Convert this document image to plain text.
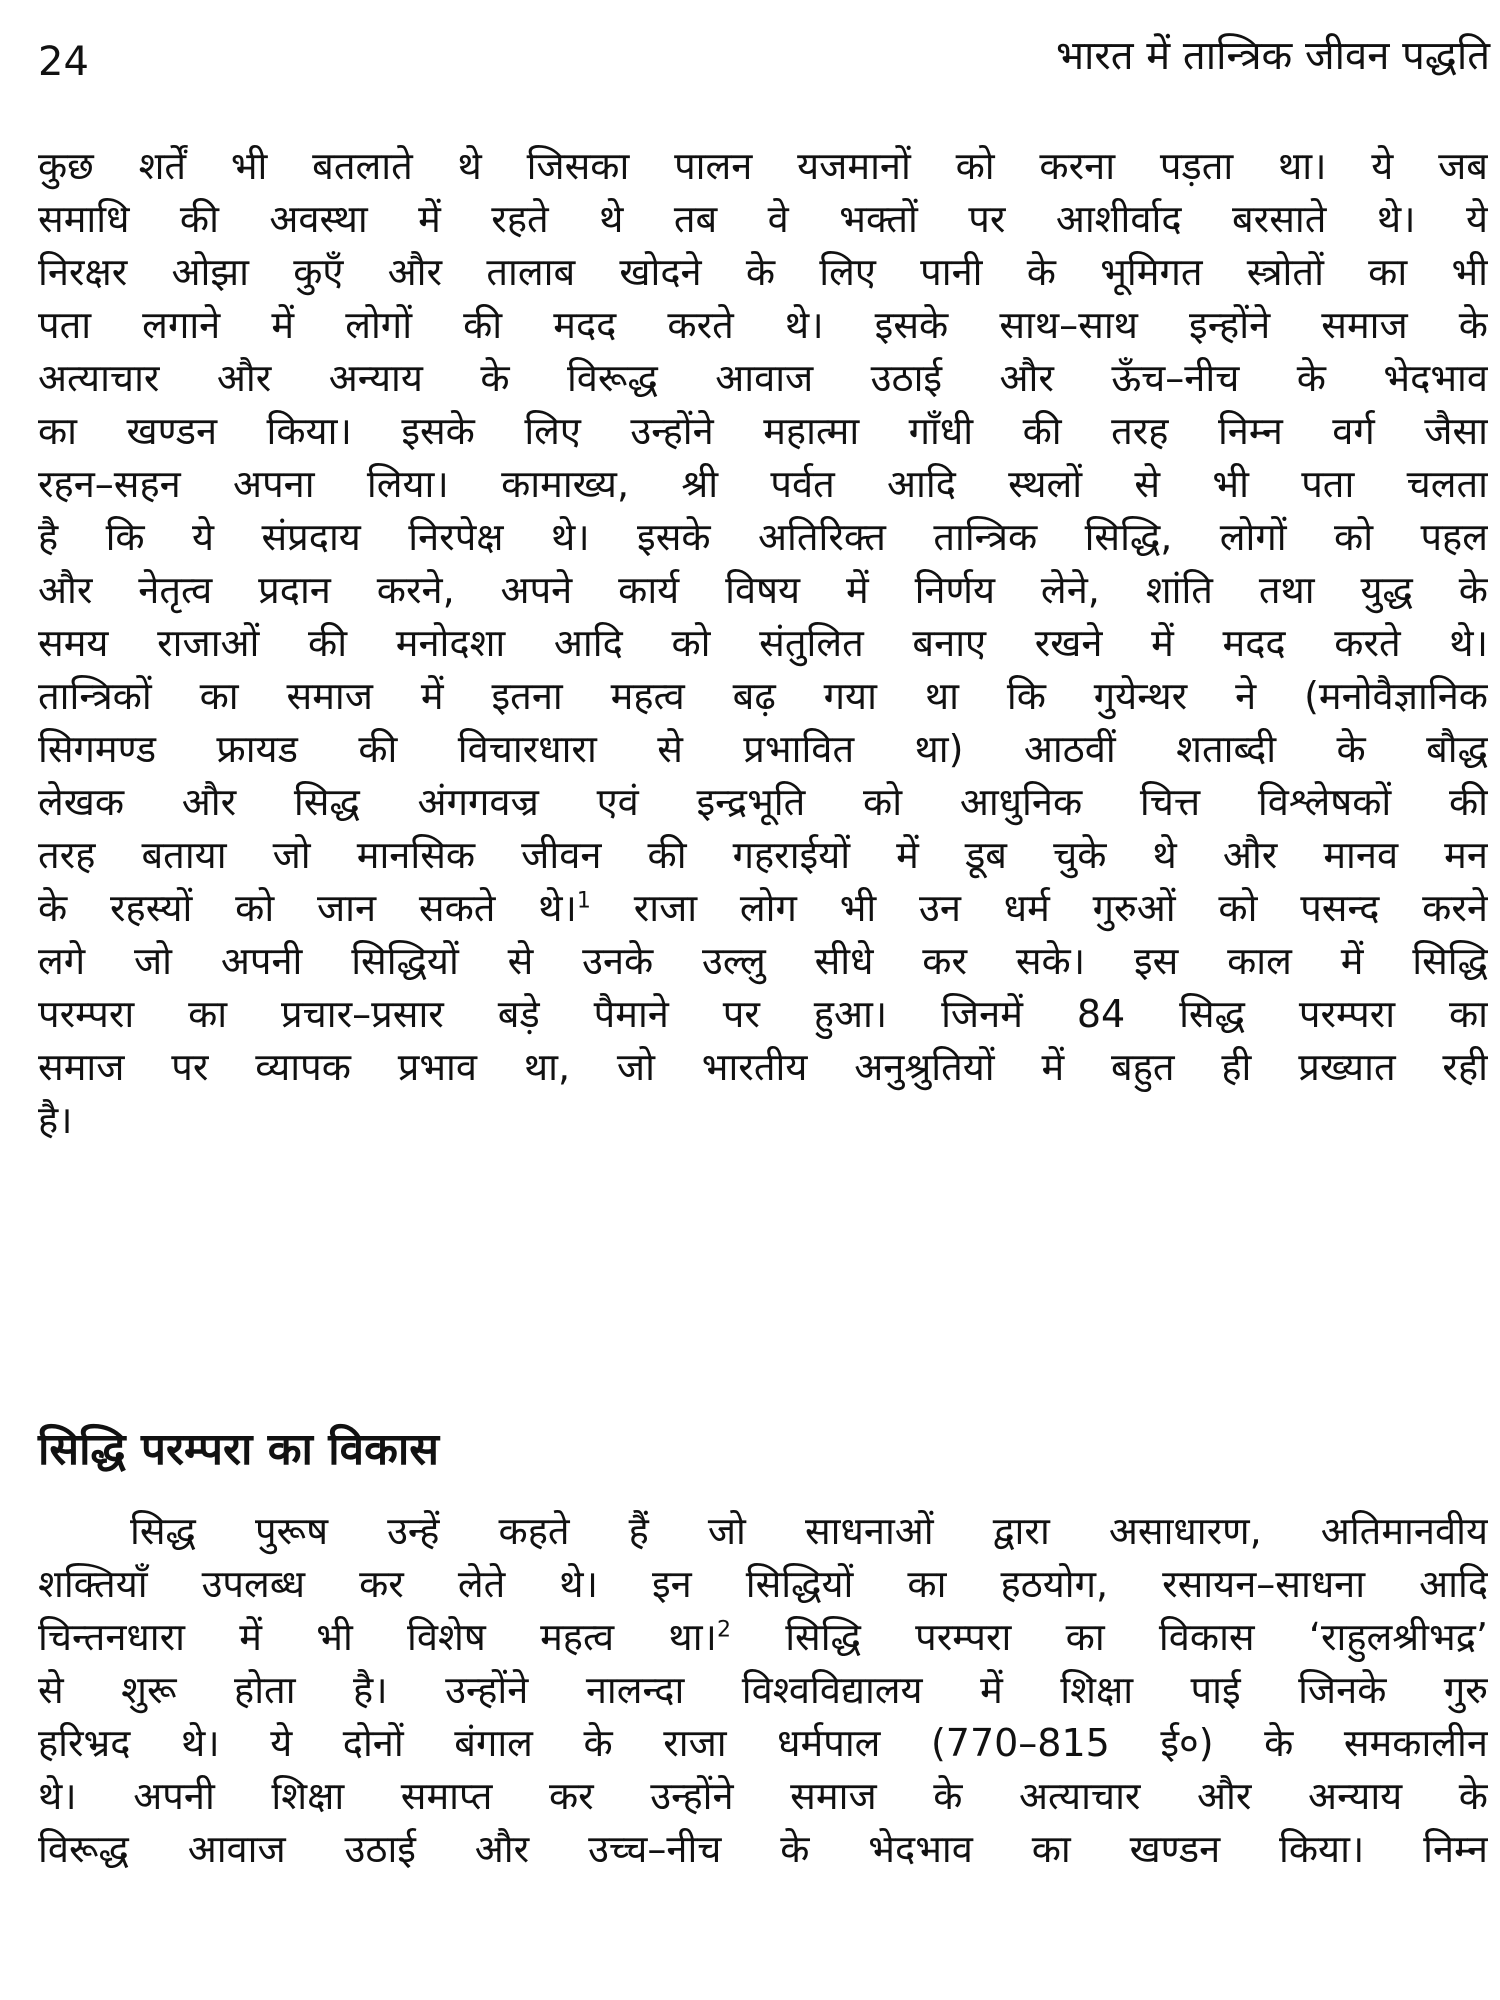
24	भारत में तान्त्रिक जीवन पद्धति
कुछ शर्तें भी बतलाते थे जिसका पालन यजमानों को करना पड़ता था। ये जब
समाधि की अवस्था में रहते थे तब वे भक्तों पर आशीर्वाद बरसाते थे। ये
निरक्षर ओझा कुएँ और तालाब खोदने के लिए पानी के भूमिगत स्त्रोतों का भी
पता लगाने में लोगों की मदद करते थे। इसके साथ–साथ इन्होंने समाज के
अत्याचार और अन्याय के विरूद्ध आवाज उठाई और ऊँच–नीच के भेदभाव
का खण्डन किया। इसके लिए उन्होंने महात्मा गाँधी की तरह निम्न वर्ग जैसा
रहन–सहन अपना लिया। कामाख्य, श्री पर्वत आदि स्थलों से भी पता चलता
है कि ये संप्रदाय निरपेक्ष थे। इसके अतिरिक्त तान्त्रिक सिद्धि, लोगों को पहल
और नेतृत्व प्रदान करने, अपने कार्य विषय में निर्णय लेने, शांति तथा युद्ध के
समय राजाओं की मनोदशा आदि को संतुलित बनाए रखने में मदद करते थे।
तान्त्रिकों का समाज में इतना महत्व बढ़ गया था कि गुयेन्थर ने (मनोवैज्ञानिक
सिगमण्ड फ्रायड की विचारधारा से प्रभावित था) आठवीं शताब्दी के बौद्ध
लेखक और सिद्ध अंगगवज्र एवं इन्द्रभूति को आधुनिक चित्त विश्लेषकों की
तरह बताया जो मानसिक जीवन की गहराईयों में डूब चुके थे और मानव मन
के रहस्यों को जान सकते थे।$^1$ राजा लोग भी उन धर्म गुरुओं को पसन्द करने
लगे जो अपनी सिद्धियों से उनके उल्लु सीधे कर सके। इस काल में सिद्धि
परम्परा का प्रचार–प्रसार बड़े पैमाने पर हुआ। जिनमें 84 सिद्ध परम्परा का
समाज पर व्यापक प्रभाव था, जो भारतीय अनुश्रुतियों में बहुत ही प्रख्यात रही
है।
सिद्धि परम्परा का विकास
सिद्ध पुरूष उन्हें कहते हैं जो साधनाओं द्वारा असाधारण, अतिमानवीय
शक्तियाँ उपलब्ध कर लेते थे। इन सिद्धियों का हठयोग, रसायन–साधना आदि
चिन्तनधारा में भी विशेष महत्व था।$^2$ सिद्धि परम्परा का विकास ‘राहुलश्रीभद्र’
से शुरू होता है। उन्होंने नालन्दा विश्वविद्यालय में शिक्षा पाई जिनके गुरु
हरिभ्रद थे। ये दोनों बंगाल के राजा धर्मपाल (770–815 ई०) के समकालीन
थे। अपनी शिक्षा समाप्त कर उन्होंने समाज के अत्याचार और अन्याय के
विरूद्ध आवाज उठाई और उच्च–नीच के भेदभाव का खण्डन किया। निम्न
